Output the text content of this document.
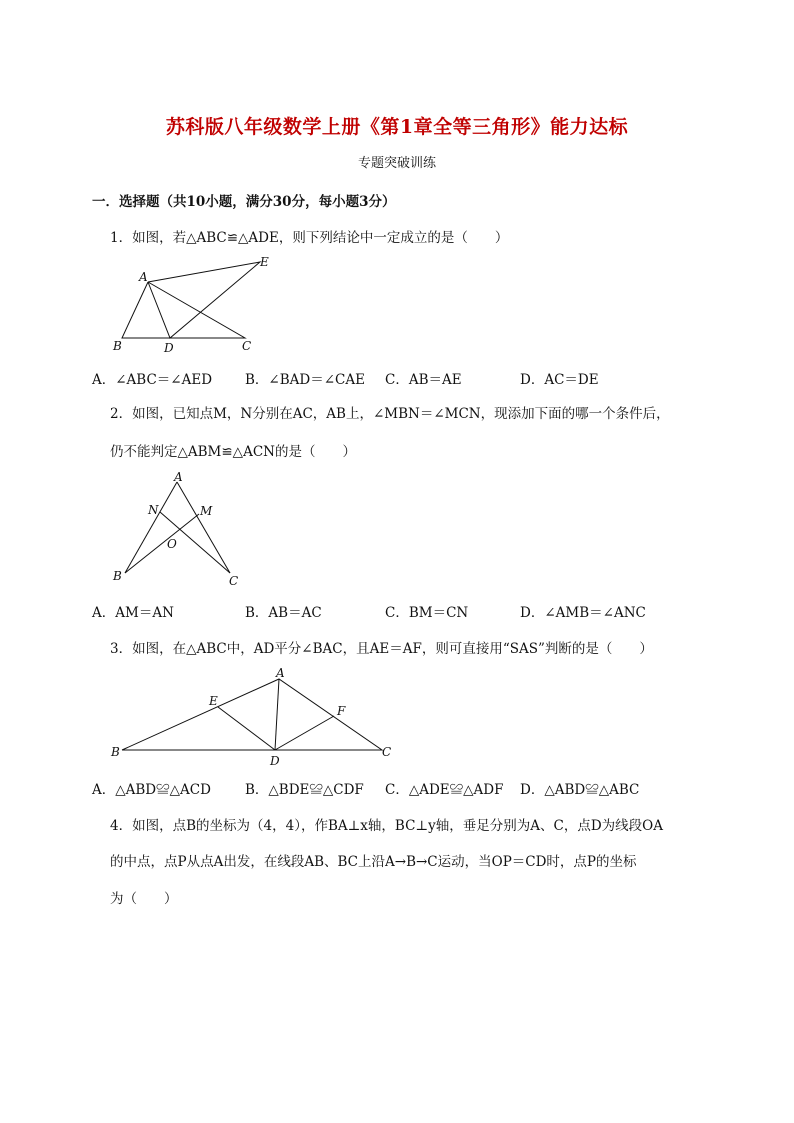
苏科版八年级数学上册《第1章全等三角形》能力达标
专题突破训练
一．选择题（共10小题，满分30分，每小题3分）
1．如图，若△ABC≌△ADE，则下列结论中一定成立的是（　　）
A
B	C
D
E
A．∠ABC＝∠AED B．∠BAD＝∠CAE C．AB＝AE	D．AC＝DE
2．如图，已知点M，N分别在AC，AB上，∠MBN＝∠MCN，现添加下面的哪一个条件后，
仍不能判定△ABM≌△ACN的是（　　）
A
B	C
M
N
O
A．AM＝AN	B．AB＝AC	C．BM＝CN	D．∠AMB＝∠ANC
3．如图，在△ABC中，AD平分∠BAC，且AE＝AF，则可直接用“SAS”判断的是（　　）
A
B	C
D
E
F
A．△ABD≌△ACD	B．△BDE≌△CDF C．△ADE≌△ADF D．△ABD≌△ABC
4．如图，点B的坐标为（4，4），作BA⊥x轴，BC⊥y轴，垂足分别为A、C，点D为线段OA
的中点，点P从点A出发，在线段AB、BC上沿A→B→C运动，当OP＝CD时，点P的坐标
为（　　）
